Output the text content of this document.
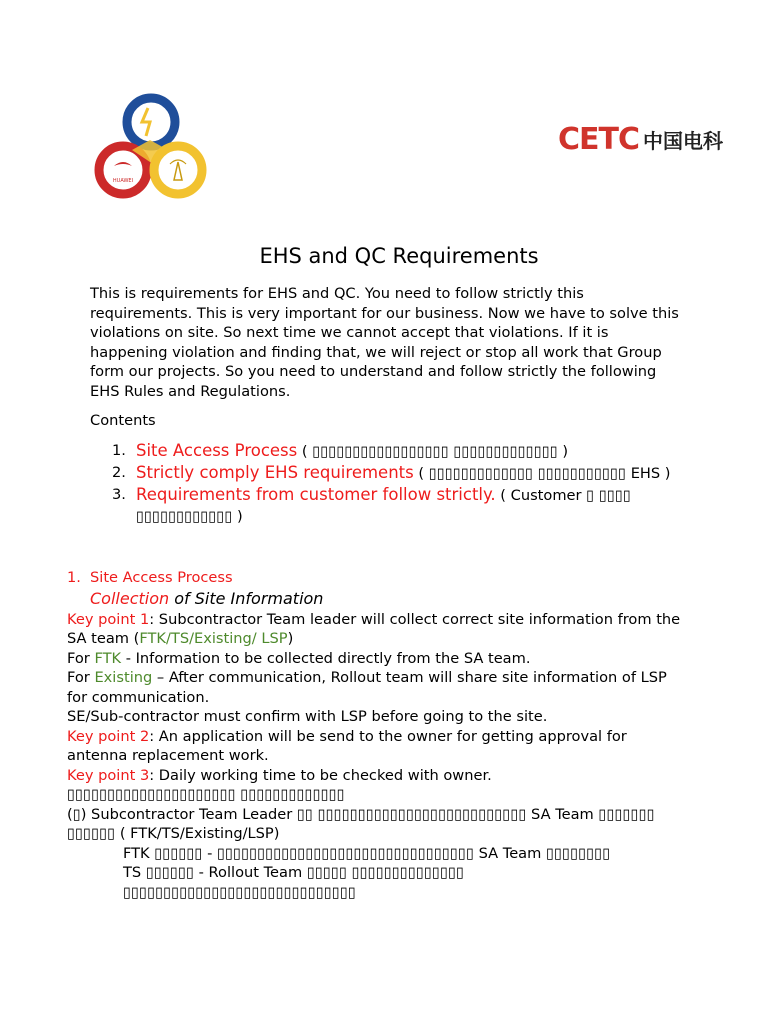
HUAWEI
CETC 中国电科
EHS and QC Requirements
This is requirements for EHS and QC. You need to follow strictly this requirements. This is very important for our business. Now we have to solve this violations on site. So next time we cannot accept that violations. If it is happening violation and finding that, we will reject or stop all work that Group form our projects. So you need to understand and follow strictly the following EHS Rules and Regulations.
Contents
1. Site Access Process ( ▯▯▯▯▯▯▯▯▯▯▯▯▯▯▯▯▯ ▯▯▯▯▯▯▯▯▯▯▯▯▯ )
2. Strictly comply EHS requirements ( ▯▯▯▯▯▯▯▯▯▯▯▯▯ ▯▯▯▯▯▯▯▯▯▯▯ EHS )
3. Requirements from customer follow strictly. ( Customer ▯ ▯▯▯▯ ▯▯▯▯▯▯▯▯▯▯▯▯ )
1. Site Access Process
Collection of Site Information
Key point 1: Subcontractor Team leader will collect correct site information from the SA team (FTK/TS/Existing/ LSP)
For FTK - Information to be collected directly from the SA team.
For Existing – After communication, Rollout team will share site information of LSP for communication.
SE/Sub-contractor must confirm with LSP before going to the site.
Key point 2: An application will be send to the owner for getting approval for antenna replacement work.
Key point 3: Daily working time to be checked with owner.
▯▯▯▯▯▯▯▯▯▯▯▯▯▯▯▯▯▯▯▯▯ ▯▯▯▯▯▯▯▯▯▯▯▯▯
(▯) Subcontractor Team Leader ▯▯ ▯▯▯▯▯▯▯▯▯▯▯▯▯▯▯▯▯▯▯▯▯▯▯▯▯▯ SA Team ▯▯▯▯▯▯▯ ▯▯▯▯▯▯ ( FTK/TS/Existing/LSP)
FTK ▯▯▯▯▯▯ - ▯▯▯▯▯▯▯▯▯▯▯▯▯▯▯▯▯▯▯▯▯▯▯▯▯▯▯▯▯▯▯▯ SA Team ▯▯▯▯▯▯▯▯
TS ▯▯▯▯▯▯ - Rollout Team ▯▯▯▯▯ ▯▯▯▯▯▯▯▯▯▯▯▯▯▯ ▯▯▯▯▯▯▯▯▯▯▯▯▯▯▯▯▯▯▯▯▯▯▯▯▯▯▯▯▯
